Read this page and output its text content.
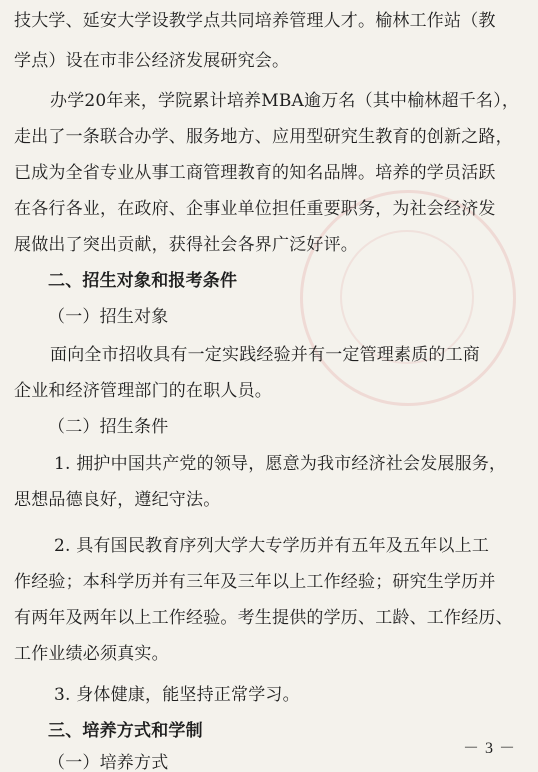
技大学、延安大学设教学点共同培养管理人才。榆林工作站（教
学点）设在市非公经济发展研究会。
办学20年来，学院累计培养MBA逾万名（其中榆林超千名），
走出了一条联合办学、服务地方、应用型研究生教育的创新之路，
已成为全省专业从事工商管理教育的知名品牌。培养的学员活跃
在各行各业，在政府、企事业单位担任重要职务，为社会经济发
展做出了突出贡献，获得社会各界广泛好评。
二、招生对象和报考条件
（一）招生对象
面向全市招收具有一定实践经验并有一定管理素质的工商
企业和经济管理部门的在职人员。
（二）招生条件
1. 拥护中国共产党的领导，愿意为我市经济社会发展服务，
思想品德良好，遵纪守法。
2. 具有国民教育序列大学大专学历并有五年及五年以上工
作经验；本科学历并有三年及三年以上工作经验；研究生学历并
有两年及两年以上工作经验。考生提供的学历、工龄、工作经历、
工作业绩必须真实。
3. 身体健康，能坚持正常学习。
三、培养方式和学制
（一）培养方式
－ 3 －
